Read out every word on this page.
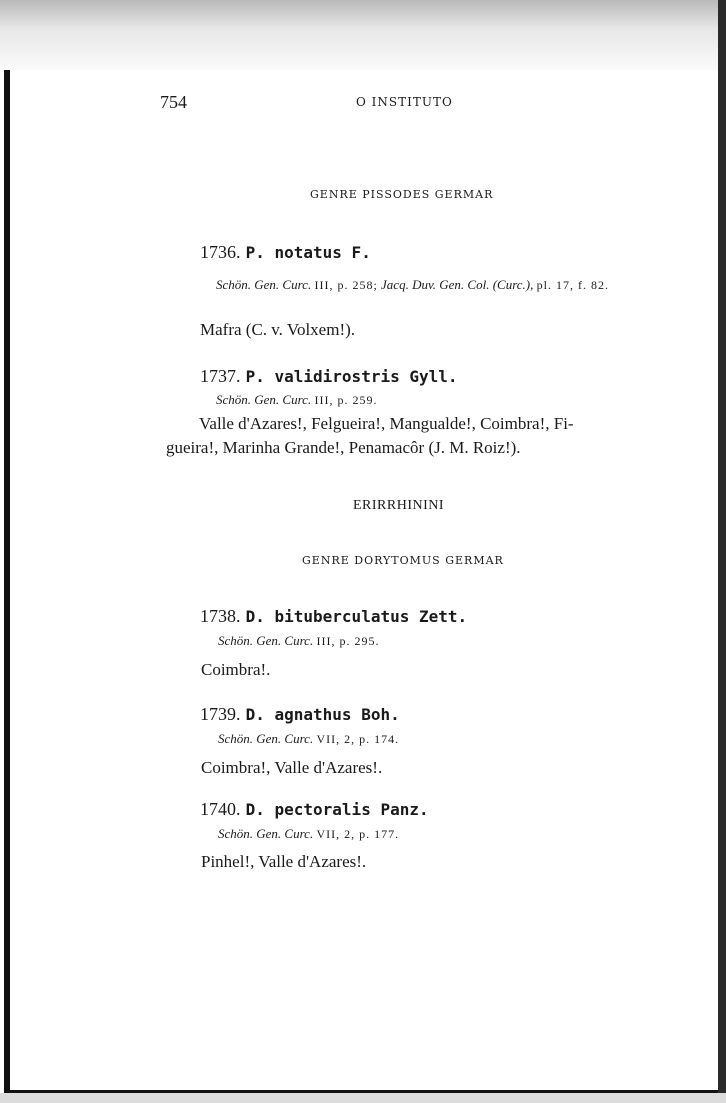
754	O INSTITUTO
GENRE PISSODES GERMAR
1736. P. notatus F.
Schön. Gen. Curc. III, p. 258; Jacq. Duv. Gen. Col. (Curc.), pl. 17, f. 82.
Mafra (C. v. Volxem!).
1737. P. validirostris Gyll.
Schön. Gen. Curc. III, p. 259.
Valle d'Azares!, Felgueira!, Mangualde!, Coimbra!, Fi-
gueira!, Marinha Grande!, Penamacôr (J. M. Roiz!).
ERIRRHININI
GENRE DORYTOMUS GERMAR
1738. D. bituberculatus Zett.
Schön. Gen. Curc. III, p. 295.
Coimbra!.
1739. D. agnathus Boh.
Schön. Gen. Curc. VII, 2, p. 174.
Coimbra!, Valle d'Azares!.
1740. D. pectoralis Panz.
Schön. Gen. Curc. VII, 2, p. 177.
Pinhel!, Valle d'Azares!.
